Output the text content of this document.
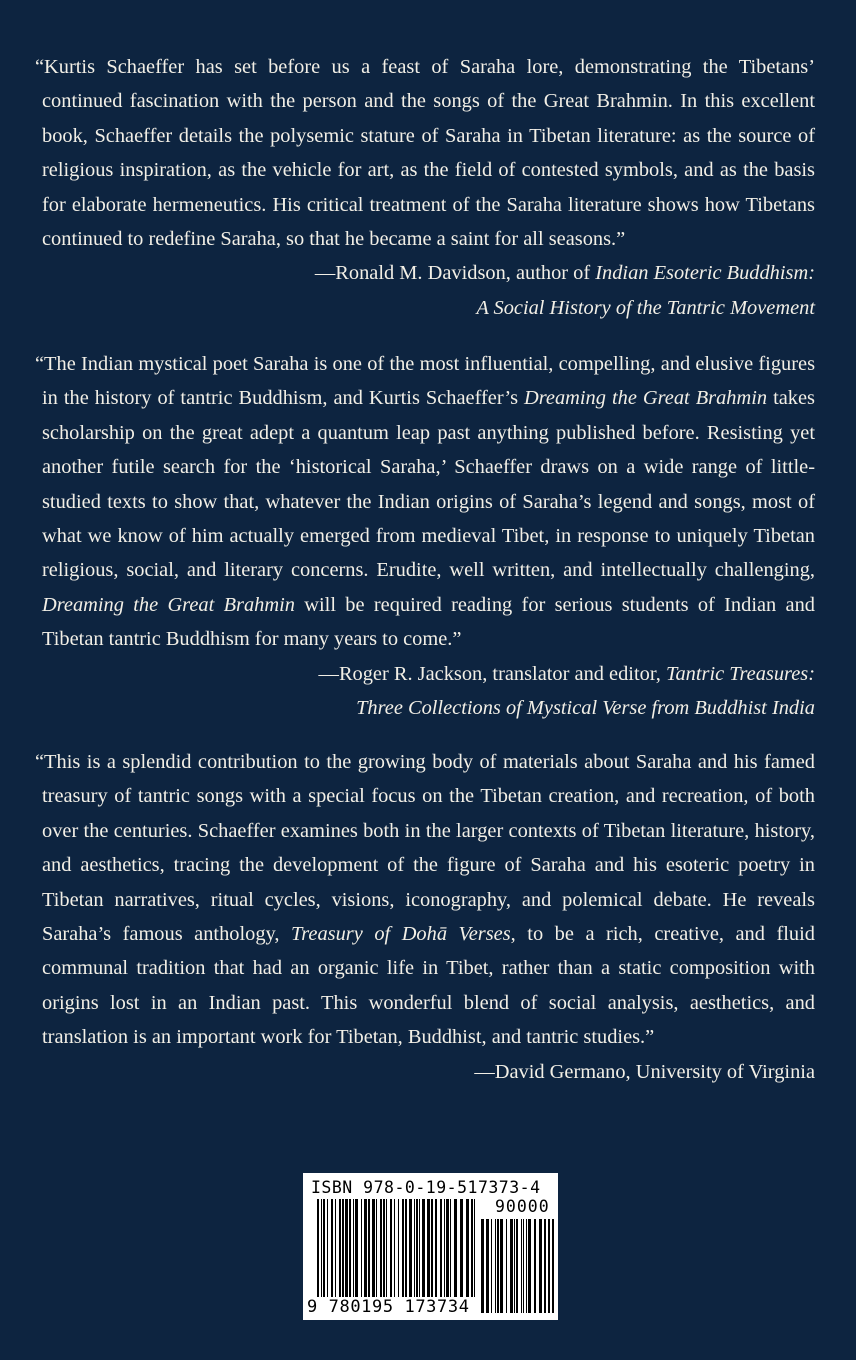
“Kurtis Schaeffer has set before us a feast of Saraha lore, demonstrating the Tibetans’ continued fascination with the person and the songs of the Great Brahmin. In this excellent book, Schaeffer details the polysemic stature of Saraha in Tibetan literature: as the source of religious inspiration, as the vehicle for art, as the field of contested symbols, and as the basis for elaborate hermeneutics. His critical treatment of the Saraha literature shows how Tibetans continued to redefine Saraha, so that he became a saint for all seasons.”

—Ronald M. Davidson, author of Indian Esoteric Buddhism:
A Social History of the Tantric Movement

“The Indian mystical poet Saraha is one of the most influential, compelling, and elusive figures in the history of tantric Buddhism, and Kurtis Schaeffer’s Dreaming the Great Brahmin takes scholarship on the great adept a quantum leap past anything published before. Resisting yet another futile search for the ‘historical Saraha,’ Schaeffer draws on a wide range of little-studied texts to show that, whatever the Indian origins of Saraha’s legend and songs, most of what we know of him actually emerged from medieval Tibet, in response to uniquely Tibetan religious, social, and literary concerns. Erudite, well written, and intellectually challenging, Dreaming the Great Brahmin will be required reading for serious students of Indian and Tibetan tantric Buddhism for many years to come.”

—Roger R. Jackson, translator and editor, Tantric Treasures:
Three Collections of Mystical Verse from Buddhist India

“This is a splendid contribution to the growing body of materials about Saraha and his famed treasury of tantric songs with a special focus on the Tibetan creation, and recreation, of both over the centuries. Schaeffer examines both in the larger contexts of Tibetan literature, history, and aesthetics, tracing the development of the figure of Saraha and his esoteric poetry in Tibetan narratives, ritual cycles, visions, iconography, and polemical debate. He reveals Saraha’s famous anthology, Treasury of Dohā Verses, to be a rich, creative, and fluid communal tradition that had an organic life in Tibet, rather than a static composition with origins lost in an Indian past. This wonderful blend of social analysis, aesthetics, and translation is an important work for Tibetan, Buddhist, and tantric studies.”

—David Germano, University of Virginia
ISBN 978-0-19-517373-4
90000
9 780195 173734
